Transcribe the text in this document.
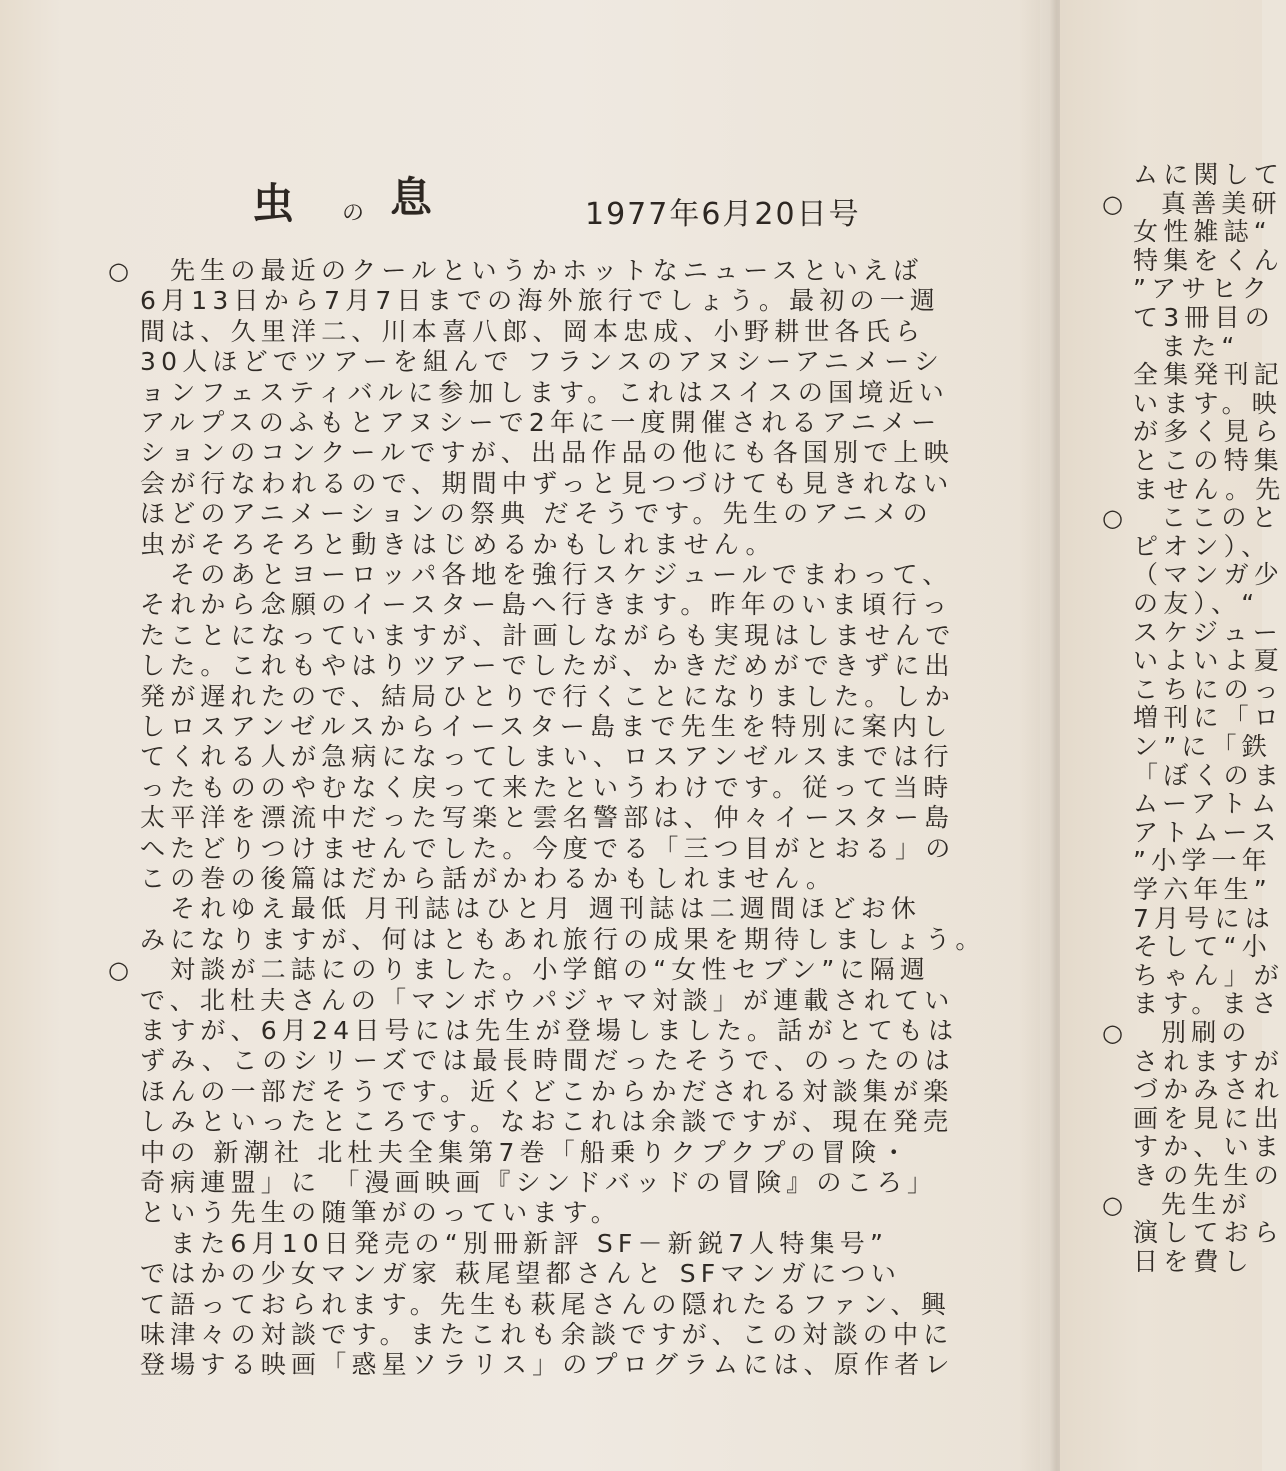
虫 の 息	1977年6月20日号
○ 先生の最近のクールというかホットなニュースといえば
6月13日から7月7日までの海外旅行でしょう。最初の一週
間は、久里洋二、川本喜八郎、岡本忠成、小野耕世各氏ら
30人ほどでツアーを組んで フランスのアヌシーアニメーシ
ョンフェスティバルに参加します。これはスイスの国境近い
アルプスのふもとアヌシーで2年に一度開催されるアニメー
ションのコンクールですが、出品作品の他にも各国別で上映
会が行なわれるので、期間中ずっと見つづけても見きれない
ほどのアニメーションの祭典 だそうです。先生のアニメの
虫がそろそろと動きはじめるかもしれません。
そのあとヨーロッパ各地を強行スケジュールでまわって、
それから念願のイースター島へ行きます。昨年のいま頃行っ
たことになっていますが、計画しながらも実現はしませんで
した。これもやはりツアーでしたが、かきだめができずに出
発が遅れたので、結局ひとりで行くことになりました。しか
しロスアンゼルスからイースター島まで先生を特別に案内し
てくれる人が急病になってしまい、ロスアンゼルスまでは行
ったもののやむなく戻って来たというわけです。従って当時
太平洋を漂流中だった写楽と雲名警部は、仲々イースター島
へたどりつけませんでした。今度でる「三つ目がとおる」の
この巻の後篇はだから話がかわるかもしれません。
それゆえ最低 月刊誌はひと月 週刊誌は二週間ほどお休
みになりますが、何はともあれ旅行の成果を期待しましょう。
○ 対談が二誌にのりました。小学館の“女性セブン”に隔週
で、北杜夫さんの「マンボウパジャマ対談」が連載されてい
ますが、6月24日号には先生が登場しました。話がとてもは
ずみ、このシリーズでは最長時間だったそうで、のったのは
ほんの一部だそうです。近くどこからかだされる対談集が楽
しみといったところです。なおこれは余談ですが、現在発売
中の 新潮社 北杜夫全集第7巻「船乗りクプクプの冒険・
奇病連盟」に 「漫画映画『シンドバッドの冒険』のころ」
という先生の随筆がのっています。
また6月10日発売の“別冊新評 SF－新鋭7人特集号”
ではかの少女マンガ家 萩尾望都さんと SFマンガについ
て語っておられます。先生も萩尾さんの隠れたるファン、興
味津々の対談です。またこれも余談ですが、この対談の中に
登場する映画「惑星ソラリス」のプログラムには、原作者レ
ムに関して
○ 真善美研
女性雑誌“
特集をくん
”アサヒク
て3冊目の
また“
全集発刊記
います。映
が多く見ら
とこの特集
ません。先
○ ここのと
ピオン）、
（マンガ少
の友）、“
スケジュー
いよいよ夏
こちにのっ
増刊に「ロ
ン”に「鉄
「ぼくのま
ムーアトム
アトムース
”小学一年
学六年生”
7月号には
そして“小
ちゃん」が
ます。まさ
○ 別刷の
されますが
づかみされ
画を見に出
すか、いま
きの先生の
○ 先生が
演しておら
日を費し
